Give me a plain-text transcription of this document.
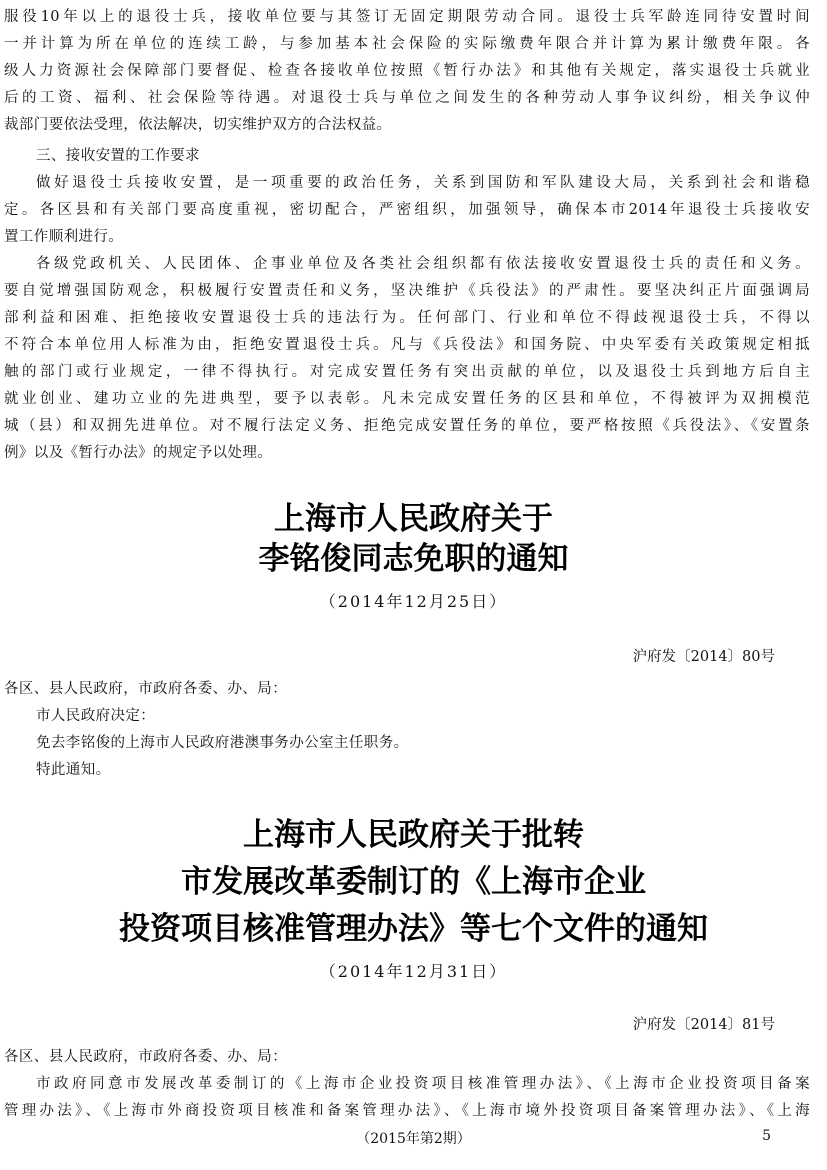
服役10年以上的退役士兵，接收单位要与其签订无固定期限劳动合同。退役士兵军龄连同待安置时间

一并计算为所在单位的连续工龄，与参加基本社会保险的实际缴费年限合并计算为累计缴费年限。各

级人力资源社会保障部门要督促、检查各接收单位按照《暂行办法》和其他有关规定，落实退役士兵就业

后的工资、福利、社会保险等待遇。对退役士兵与单位之间发生的各种劳动人事争议纠纷，相关争议仲

裁部门要依法受理，依法解决，切实维护双方的合法权益。

三、接收安置的工作要求

做好退役士兵接收安置，是一项重要的政治任务，关系到国防和军队建设大局，关系到社会和谐稳

定。各区县和有关部门要高度重视，密切配合，严密组织，加强领导，确保本市2014年退役士兵接收安

置工作顺利进行。

各级党政机关、人民团体、企事业单位及各类社会组织都有依法接收安置退役士兵的责任和义务。

要自觉增强国防观念，积极履行安置责任和义务，坚决维护《兵役法》的严肃性。要坚决纠正片面强调局

部利益和困难、拒绝接收安置退役士兵的违法行为。任何部门、行业和单位不得歧视退役士兵，不得以

不符合本单位用人标准为由，拒绝安置退役士兵。凡与《兵役法》和国务院、中央军委有关政策规定相抵

触的部门或行业规定，一律不得执行。对完成安置任务有突出贡献的单位，以及退役士兵到地方后自主

就业创业、建功立业的先进典型，要予以表彰。凡未完成安置任务的区县和单位，不得被评为双拥模范

城（县）和双拥先进单位。对不履行法定义务、拒绝完成安置任务的单位，要严格按照《兵役法》、《安置条

例》以及《暂行办法》的规定予以处理。

上海市人民政府关于
李铭俊同志免职的通知
（2014年12月25日）
沪府发〔2014〕80号

各区、县人民政府，市政府各委、办、局：

市人民政府决定：

免去李铭俊的上海市人民政府港澳事务办公室主任职务。

特此通知。

上海市人民政府关于批转
市发展改革委制订的《上海市企业
投资项目核准管理办法》等七个文件的通知
（2014年12月31日）
沪府发〔2014〕81号

各区、县人民政府，市政府各委、办、局：

市政府同意市发展改革委制订的《上海市企业投资项目核准管理办法》、《上海市企业投资项目备案

管理办法》、《上海市外商投资项目核准和备案管理办法》、《上海市境外投资项目备案管理办法》、《上海

（2015年第2期）	5
